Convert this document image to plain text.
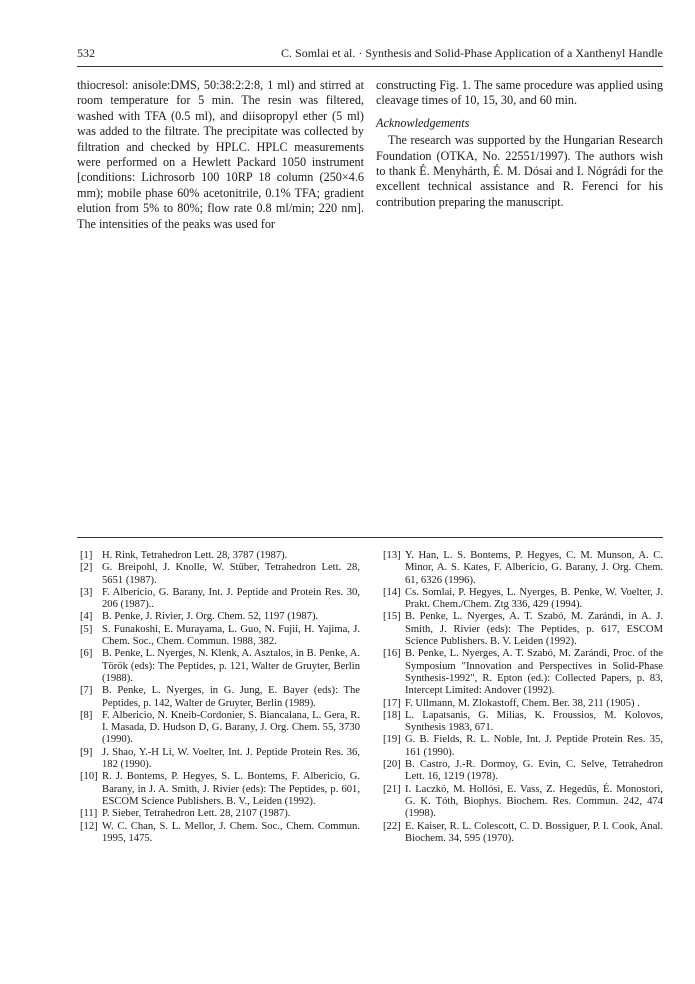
532	C. Somlai et al. · Synthesis and Solid-Phase Application of a Xanthenyl Handle

thiocresol: anisole:DMS, 50:38:2:2:8, 1 ml) and stirred at room temperature for 5 min. The resin was filtered, washed with TFA (0.5 ml), and diisopropyl ether (5 ml) was added to the filtrate. The precipitate was collected by filtration and checked by HPLC. HPLC measurements were performed on a Hewlett Packard 1050 instrument [conditions: Lichrosorb 100 10RP 18 column (250×4.6 mm); mobile phase 60% acetonitrile, 0.1% TFA; gradient elution from 5% to 80%; flow rate 0.8 ml/min; 220 nm]. The intensities of the peaks was used for

constructing Fig. 1. The same procedure was applied using cleavage times of 10, 15, 30, and 60 min.

Acknowledgements

The research was supported by the Hungarian Research Foundation (OTKA, No. 22551/1997). The authors wish to thank É. Menyhárth, É. M. Dósai and I. Nógrádi for the excellent technical assistance and R. Ferenci for his contribution preparing the manuscript.

[1] H. Rink, Tetrahedron Lett. 28, 3787 (1987).

[2] G. Breipohl, J. Knolle, W. Stüber, Tetrahedron Lett. 28, 5651 (1987).

[3] F. Albericio, G. Barany, Int. J. Peptide and Protein Res. 30, 206 (1987)..

[4] B. Penke, J. Rivier, J. Org. Chem. 52, 1197 (1987).

[5] S. Funakoshi, E. Murayama, L. Guo, N. Fujii, H. Yajima, J. Chem. Soc., Chem. Commun. 1988, 382.

[6] B. Penke, L. Nyerges, N. Klenk, A. Asztalos, in B. Penke, A. Török (eds): The Peptides, p. 121, Walter de Gruyter, Berlin (1988).

[7] B. Penke, L. Nyerges, in G. Jung, E. Bayer (eds): The Peptides, p. 142, Walter de Gruyter, Berlin (1989).

[8] F. Albericio, N. Kneib-Cordonier, S. Biancalana, L. Gera, R. I. Masada, D. Hudson D, G. Barany, J. Org. Chem. 55, 3730 (1990).

[9] J. Shao, Y.-H Li, W. Voelter, Int. J. Peptide Protein Res. 36, 182 (1990).

[10] R. J. Bontems, P. Hegyes, S. L. Bontems, F. Albericio, G. Barany, in J. A. Smith, J. Rivier (eds): The Peptides, p. 601, ESCOM Science Publishers. B. V., Leiden (1992).

[11] P. Sieber, Tetrahedron Lett. 28, 2107 (1987).

[12] W. C. Chan, S. L. Mellor, J. Chem. Soc., Chem. Commun. 1995, 1475.

[13] Y. Han, L. S. Bontems, P. Hegyes, C. M. Munson, A. C. Minor, A. S. Kates, F. Albericio, G. Barany, J. Org. Chem. 61, 6326 (1996).

[14] Cs. Somlai, P. Hegyes, L. Nyerges, B. Penke, W. Voelter, J. Prakt. Chem./Chem. Ztg 336, 429 (1994).

[15] B. Penke, L. Nyerges, A. T. Szabó, M. Zarándi, in A. J. Smith, J. Rivier (eds): The Peptides, p. 617, ESCOM Science Publishers. B. V. Leiden (1992).

[16] B. Penke, L. Nyerges, A. T. Szabó, M. Zarándi, Proc. of the Symposium "Innovation and Perspectives in Solid-Phase Synthesis-1992", R. Epton (ed.): Collected Papers, p. 83, Intercept Limited: Andover (1992).

[17] F. Ullmann, M. Zlokastoff, Chem. Ber. 38, 211 (1905) .

[18] L. Lapatsanis, G. Milias, K. Froussios, M. Kolovos, Synthesis 1983, 671.

[19] G. B. Fields, R. L. Noble, Int. J. Peptide Protein Res. 35, 161 (1990).

[20] B. Castro, J.-R. Dormoy, G. Evin, C. Selve, Tetrahedron Lett. 16, 1219 (1978).

[21] I. Laczkó, M. Hollósi, E. Vass, Z. Hegedűs, É. Monostori, G. K. Tóth, Biophys. Biochem. Res. Commun. 242, 474 (1998).

[22] E. Kaiser, R. L. Colescott, C. D. Bossiguer, P. I. Cook, Anal. Biochem. 34, 595 (1970).
